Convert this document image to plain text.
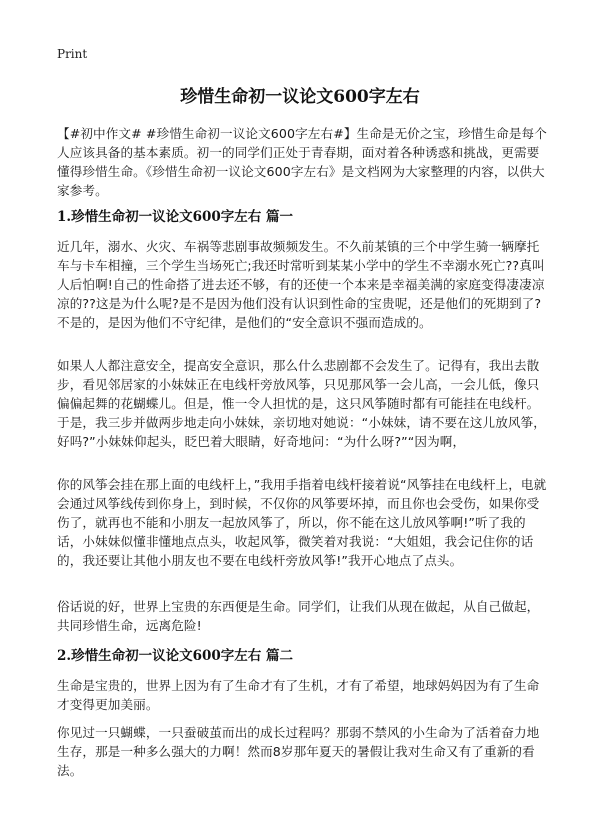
Print
珍惜生命初一议论文600字左右
【#初中作文# #珍惜生命初一议论文600字左右#】生命是无价之宝，珍惜生命是每个人应该具备的基本素质。初一的同学们正处于青春期，面对着各种诱惑和挑战，更需要懂得珍惜生命。《珍惜生命初一议论文600字左右》是文档网为大家整理的内容，以供大家参考。
1.珍惜生命初一议论文600字左右 篇一
近几年，溺水、火灾、车祸等悲剧事故频频发生。不久前某镇的三个中学生骑一辆摩托车与卡车相撞，三个学生当场死亡;我还时常听到某某小学中的学生不幸溺水死亡??真叫人后怕啊!自己的性命搭了进去还不够，有的还使一个本来是幸福美满的家庭变得凄凄凉凉的??这是为什么呢?是不是因为他们没有认识到性命的宝贵呢，还是他们的死期到了?不是的，是因为他们不守纪律，是他们的“安全意识不强而造成的。
如果人人都注意安全，提高安全意识，那么什么悲剧都不会发生了。记得有，我出去散步，看见邻居家的小妹妹正在电线杆旁放风筝，只见那风筝一会儿高，一会儿低，像只偏偏起舞的花蝴蝶儿。但是，惟一令人担忧的是，这只风筝随时都有可能挂在电线杆。于是，我三步并做两步地走向小妹妹，亲切地对她说：“小妹妹，请不要在这儿放风筝，好吗?”小妹妹仰起头，眨巴着大眼睛，好奇地问：“为什么呀?”“因为啊，
你的风筝会挂在那上面的电线杆上，”我用手指着电线杆接着说“风筝挂在电线杆上，电就会通过风筝线传到你身上，到时候，不仅你的风筝要坏掉，而且你也会受伤，如果你受伤了，就再也不能和小朋友一起放风筝了，所以，你不能在这儿放风筝啊!”听了我的话，小妹妹似懂非懂地点点头，收起风筝，微笑着对我说：“大姐姐，我会记住你的话的，我还要让其他小朋友也不要在电线杆旁放风筝!”我开心地点了点头。
俗话说的好，世界上宝贵的东西便是生命。同学们，让我们从现在做起，从自己做起，共同珍惜生命，远离危险!
2.珍惜生命初一议论文600字左右 篇二
生命是宝贵的，世界上因为有了生命才有了生机，才有了希望，地球妈妈因为有了生命才变得更加美丽。
你见过一只蝴蝶，一只蚕破茧而出的成长过程吗？那弱不禁风的小生命为了活着奋力地生存，那是一种多么强大的力啊！然而8岁那年夏天的暑假让我对生命又有了重新的看法。
